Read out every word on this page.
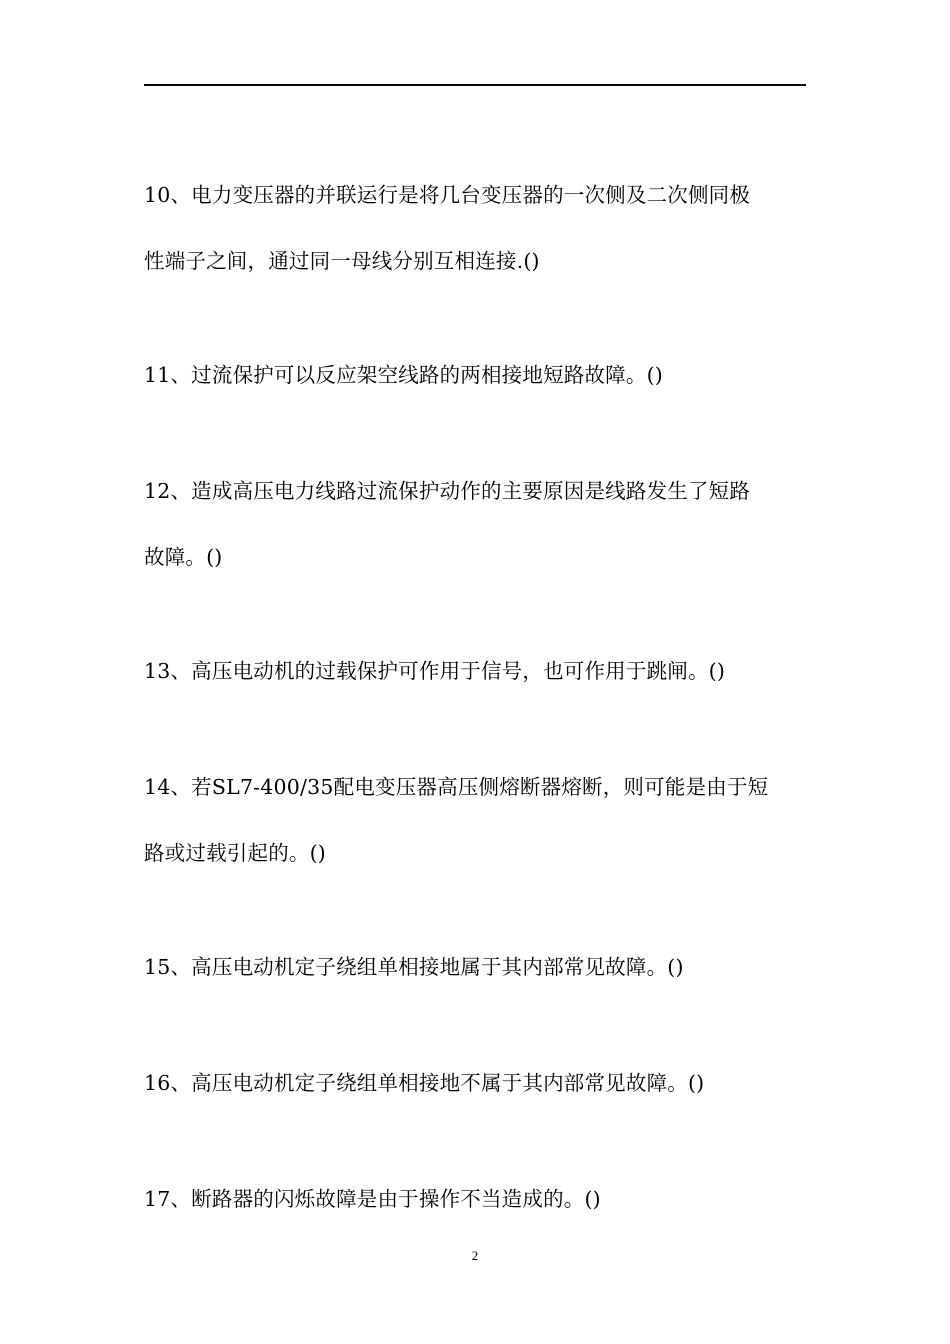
10、电力变压器的并联运行是将几台变压器的一次侧及二次侧同极
性端子之间，通过同一母线分别互相连接.()

11、过流保护可以反应架空线路的两相接地短路故障。()

12、造成高压电力线路过流保护动作的主要原因是线路发生了短路
故障。()

13、高压电动机的过载保护可作用于信号，也可作用于跳闸。()

14、若SL7-400/35配电变压器高压侧熔断器熔断，则可能是由于短
路或过载引起的。()

15、高压电动机定子绕组单相接地属于其内部常见故障。()

16、高压电动机定子绕组单相接地不属于其内部常见故障。()

17、断路器的闪烁故障是由于操作不当造成的。()

2
